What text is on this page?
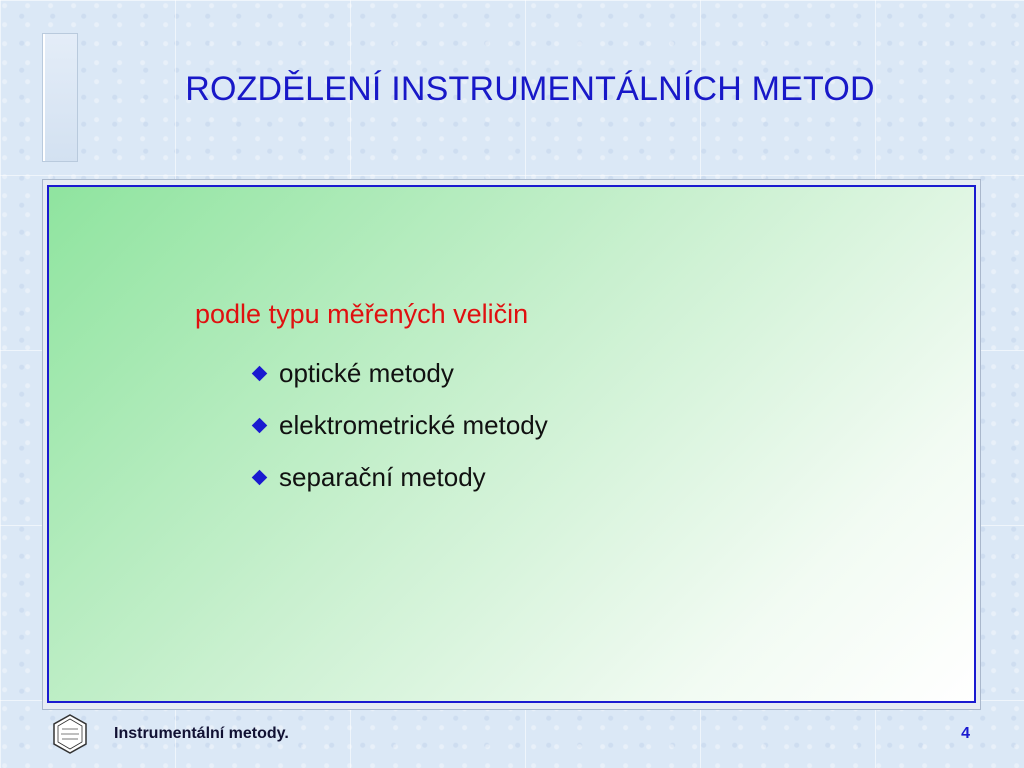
ROZDĚLENÍ INSTRUMENTÁLNÍCH METOD
podle typu měřených veličin
optické metody
elektrometrické metody
separační metody
Instrumentální metody.	4
